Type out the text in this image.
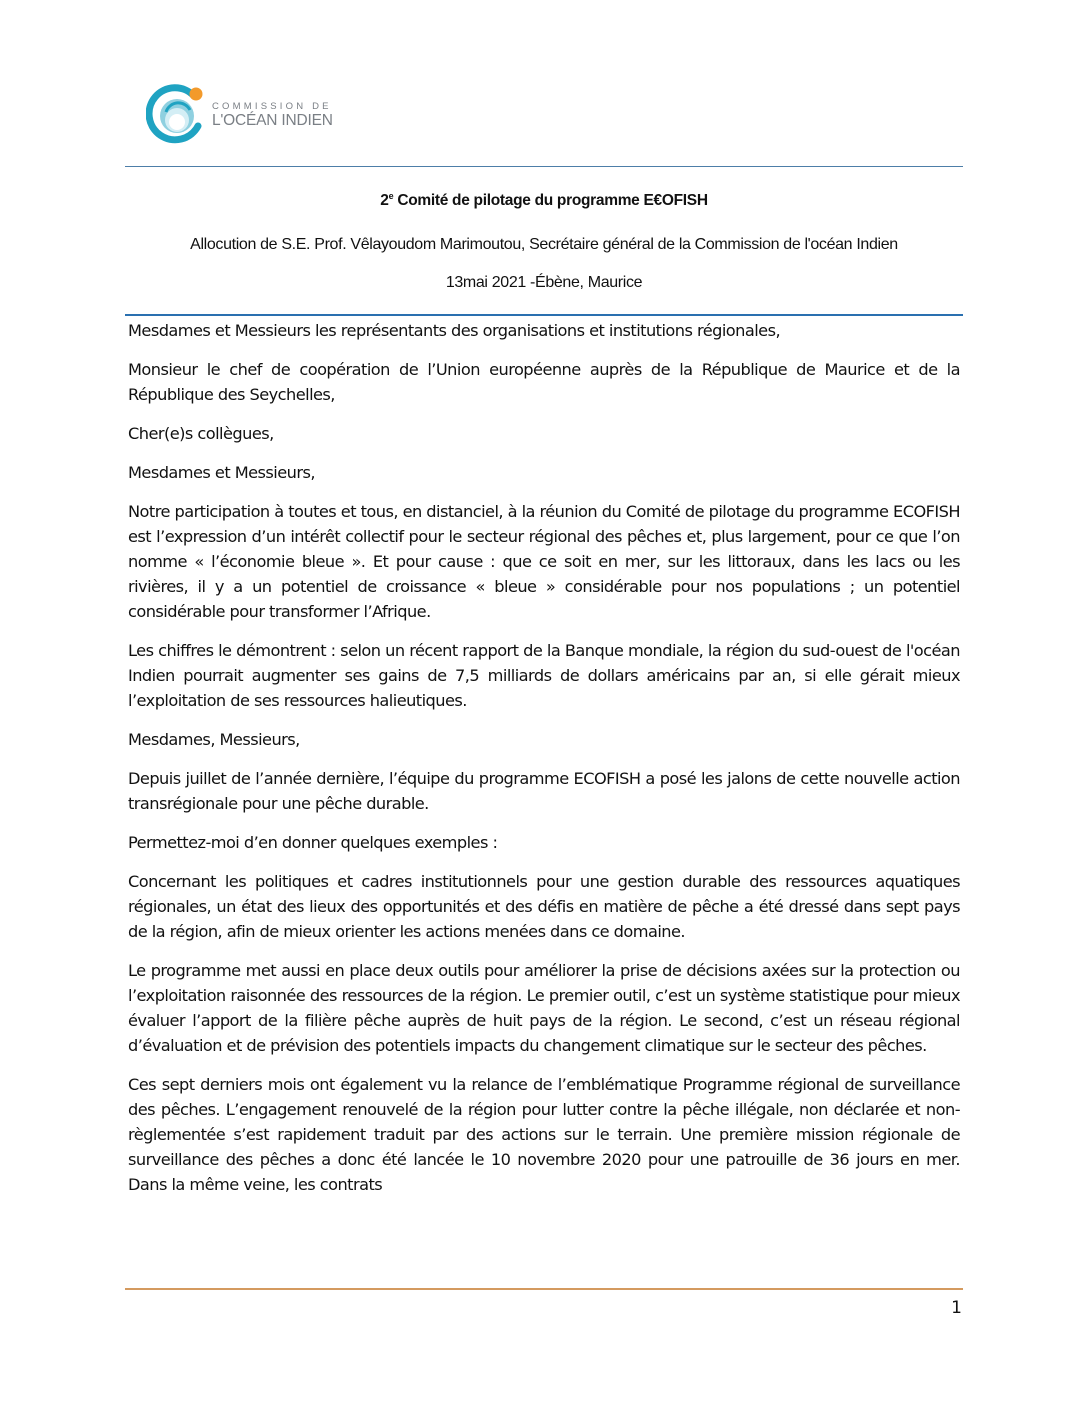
COMMISSION DE
L'OCÉAN INDIEN
2e Comité de pilotage du programme E€OFISH
Allocution de S.E. Prof. Vêlayoudom Marimoutou, Secrétaire général de la Commission de l'océan Indien
13mai 2021 -Ébène, Maurice

Mesdames et Messieurs les représentants des organisations et institutions régionales,

Monsieur le chef de coopération de l’Union européenne auprès de la République de Maurice et de la République des Seychelles,

Cher(e)s collègues,

Mesdames et Messieurs,

Notre participation à toutes et tous, en distanciel, à la réunion du Comité de pilotage du programme ECOFISH est l’expression d’un intérêt collectif pour le secteur régional des pêches et, plus largement, pour ce que l’on nomme « l’économie bleue ». Et pour cause : que ce soit en mer, sur les littoraux, dans les lacs ou les rivières, il y a un potentiel de croissance « bleue » considérable pour nos populations ; un potentiel considérable pour transformer l’Afrique.

Les chiffres le démontrent : selon un récent rapport de la Banque mondiale, la région du sud-ouest de l'océan Indien pourrait augmenter ses gains de 7,5 milliards de dollars américains par an, si elle gérait mieux l’exploitation de ses ressources halieutiques.

Mesdames, Messieurs,

Depuis juillet de l’année dernière, l’équipe du programme ECOFISH a posé les jalons de cette nouvelle action transrégionale pour une pêche durable.

Permettez-moi d’en donner quelques exemples :

Concernant les politiques et cadres institutionnels pour une gestion durable des ressources aquatiques régionales, un état des lieux des opportunités et des défis en matière de pêche a été dressé dans sept pays de la région, afin de mieux orienter les actions menées dans ce domaine.

Le programme met aussi en place deux outils pour améliorer la prise de décisions axées sur la protection ou l’exploitation raisonnée des ressources de la région. Le premier outil, c’est un système statistique pour mieux évaluer l’apport de la filière pêche auprès de huit pays de la région. Le second, c’est un réseau régional d’évaluation et de prévision des potentiels impacts du changement climatique sur le secteur des pêches.

Ces sept derniers mois ont également vu la relance de l’emblématique Programme régional de surveillance des pêches. L’engagement renouvelé de la région pour lutter contre la pêche illégale, non déclarée et non-règlementée s’est rapidement traduit par des actions sur le terrain. Une première mission régionale de surveillance des pêches a donc été lancée le 10 novembre 2020 pour une patrouille de 36 jours en mer. Dans la même veine, les contrats

1
